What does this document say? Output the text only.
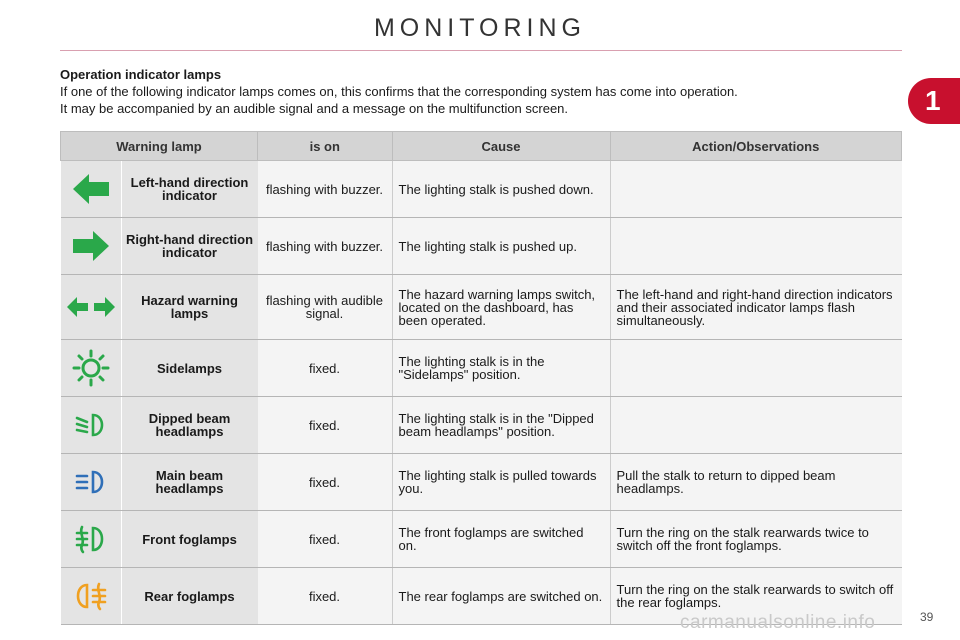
MONITORING
1
Operation indicator lamps
If one of the following indicator lamps comes on, this confirms that the corresponding system has come into operation.
It may be accompanied by an audible signal and a message on the multifunction screen.
Warning lamp		is on	Cause	Action/Observations

	Left-hand direction indicator	flashing with buzzer.	The lighting stalk is pushed down.	

	Right-hand direction indicator	flashing with buzzer.	The lighting stalk is pushed up.	

	Hazard warning lamps	flashing with audible signal.	The hazard warning lamps switch, located on the dashboard, has been operated.	The left-hand and right-hand direction indicators and their associated indicator lamps flash simultaneously.

	Sidelamps	fixed.	The lighting stalk is in the "Sidelamps" position.	

	Dipped beam headlamps	fixed.	The lighting stalk is in the "Dipped beam headlamps" position.	

	Main beam headlamps	fixed.	The lighting stalk is pulled towards you.	Pull the stalk to return to dipped beam headlamps.

	Front foglamps	fixed.	The front foglamps are switched on.	Turn the ring on the stalk rearwards twice to switch off the front foglamps.

	Rear foglamps	fixed.	The rear foglamps are switched on.	Turn the ring on the stalk rearwards to switch off the rear foglamps.
carmanualsonline.info	39
